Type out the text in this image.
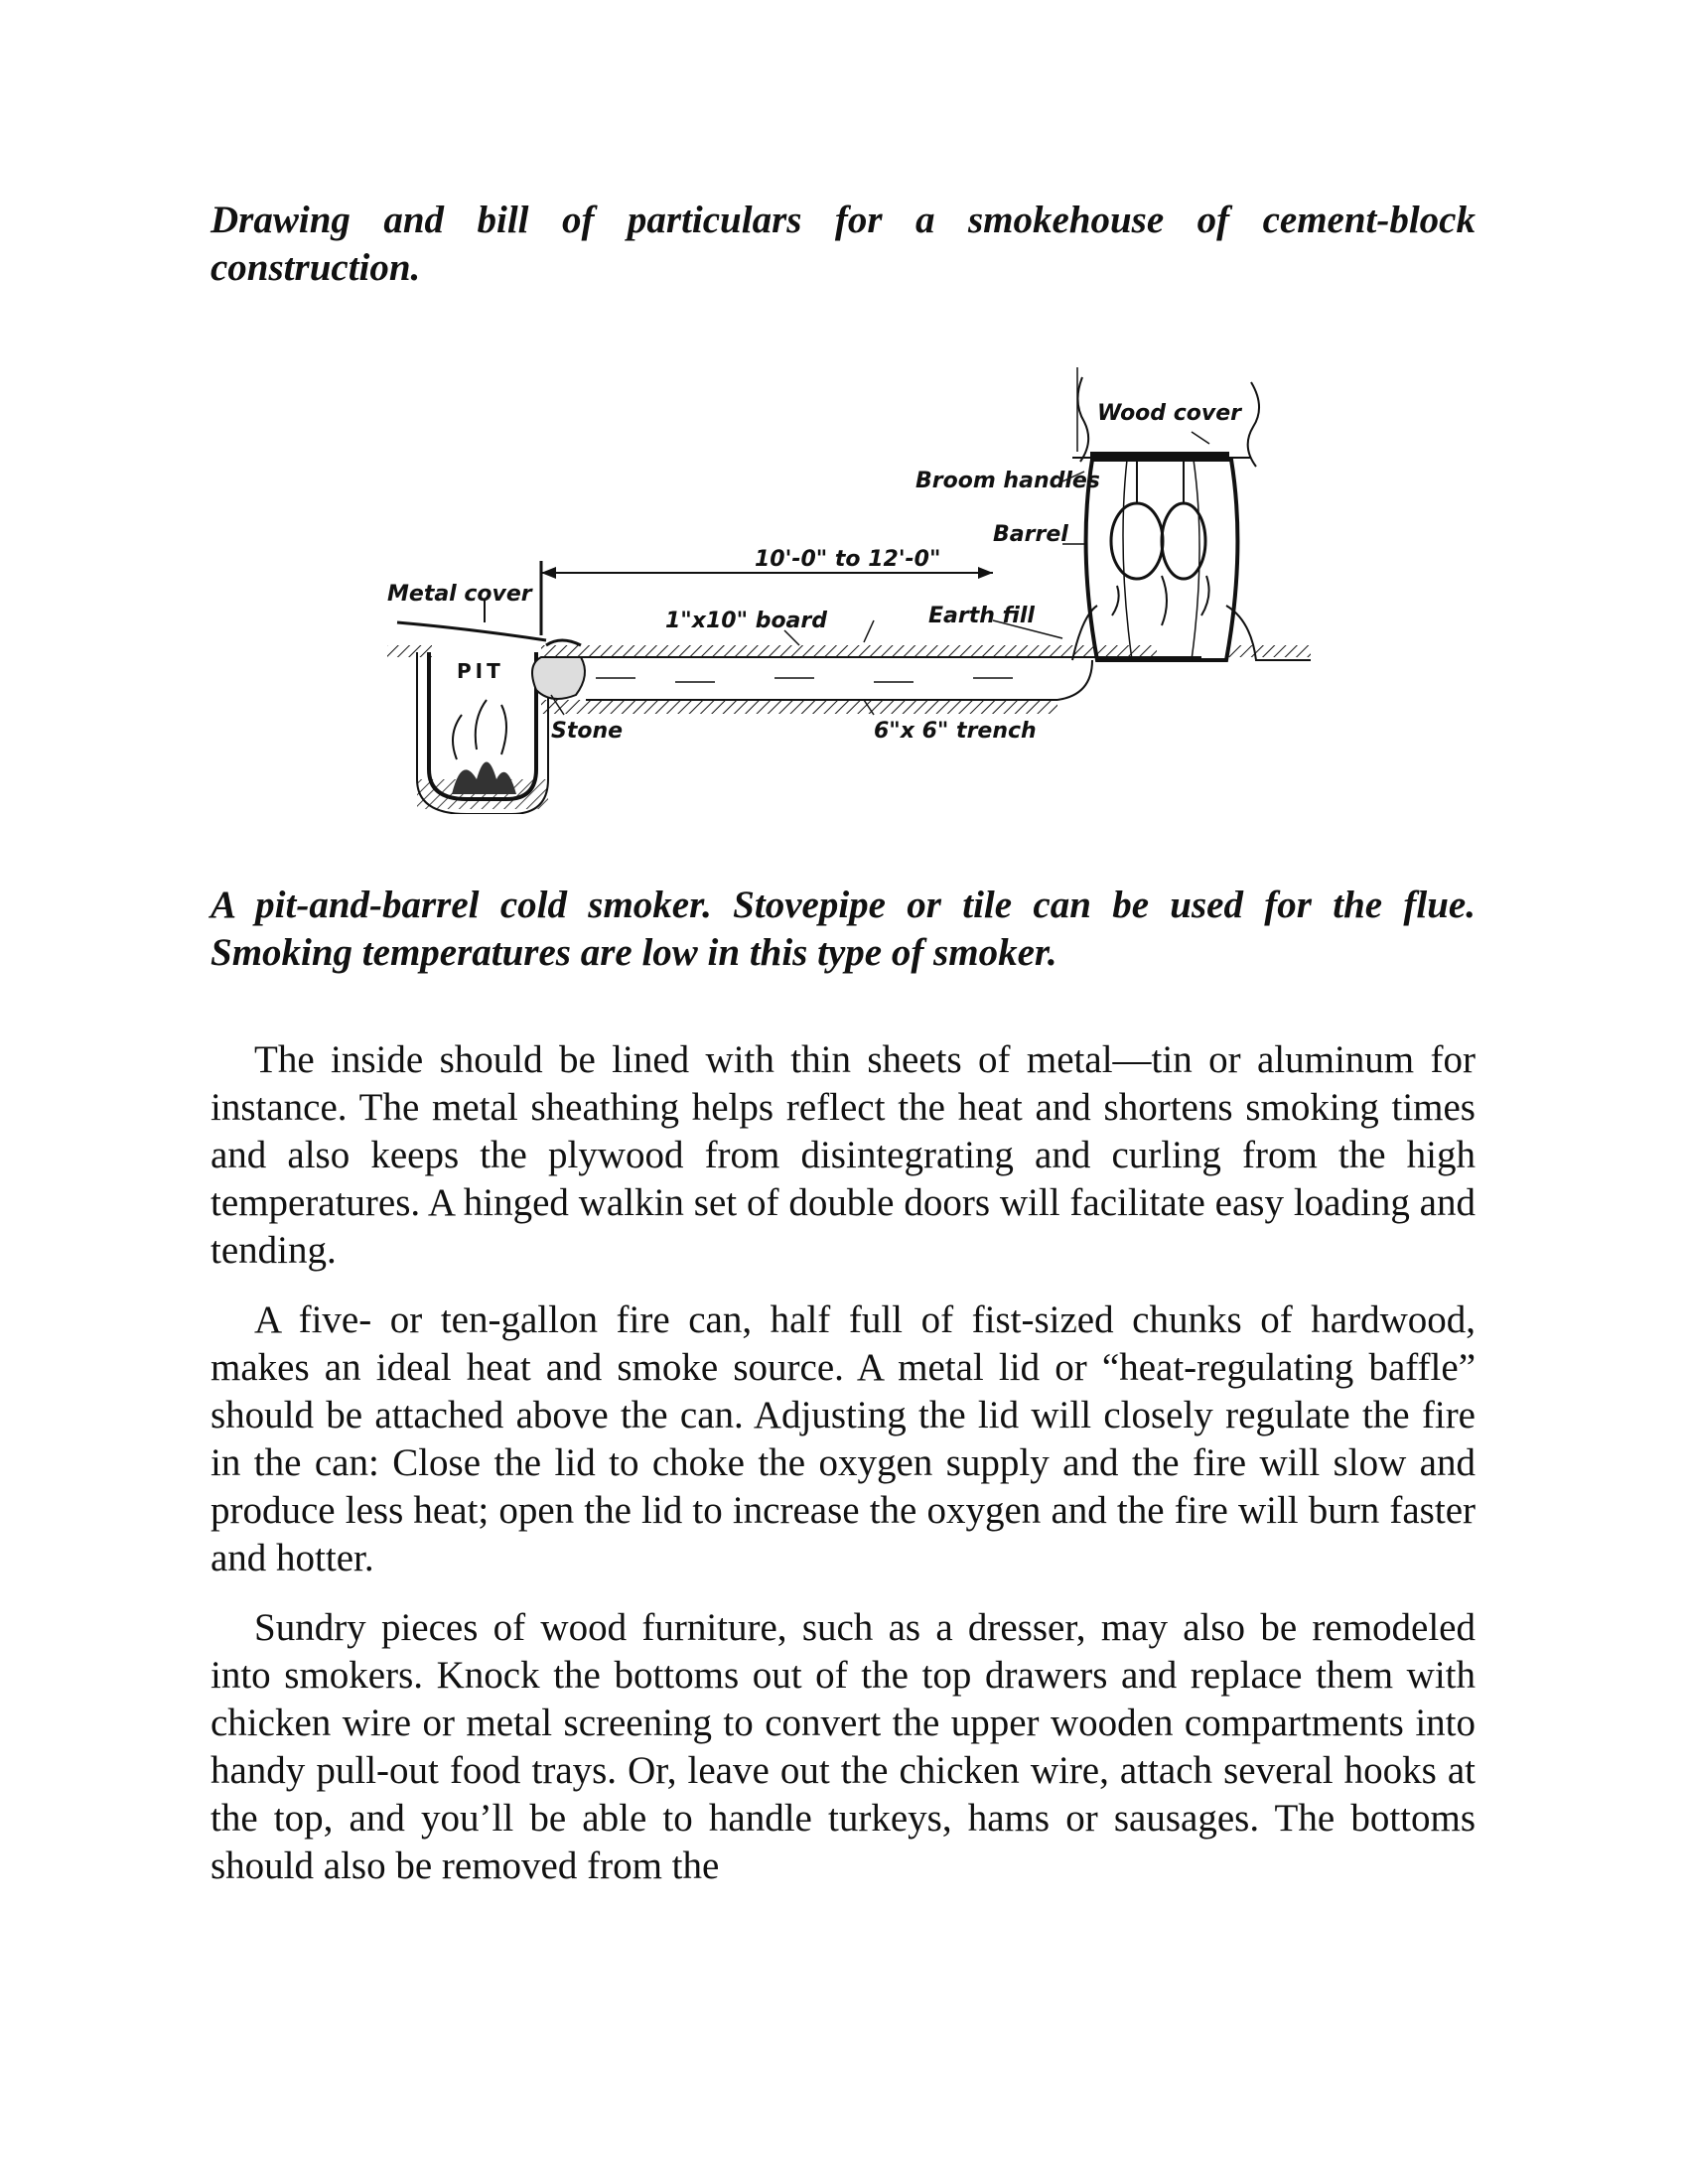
Drawing and bill of particulars for a smokehouse of cement-block construction.
Wood cover
Broom handles
Barrel
10'-0" to 12'-0"
Metal cover
1"x10" board	Earth fill
PIT
Stone	6"x 6" trench
A pit-and-barrel cold smoker. Stovepipe or tile can be used for the flue. Smoking temperatures are low in this type of smoker.

The inside should be lined with thin sheets of metal—tin or aluminum for instance. The metal sheathing helps reflect the heat and shortens smoking times and also keeps the plywood from disintegrating and curling from the high temperatures. A hinged walkin set of double doors will facilitate easy loading and tending.

A five- or ten-gallon fire can, half full of fist-sized chunks of hardwood, makes an ideal heat and smoke source. A metal lid or “heat-regulating baffle” should be attached above the can. Adjusting the lid will closely regulate the fire in the can: Close the lid to choke the oxygen supply and the fire will slow and produce less heat; open the lid to increase the oxygen and the fire will burn faster and hotter.

Sundry pieces of wood furniture, such as a dresser, may also be remodeled into smokers. Knock the bottoms out of the top drawers and replace them with chicken wire or metal screening to convert the upper wooden compartments into handy pull-out food trays. Or, leave out the chicken wire, attach several hooks at the top, and you’ll be able to handle turkeys, hams or sausages. The bottoms should also be removed from the
